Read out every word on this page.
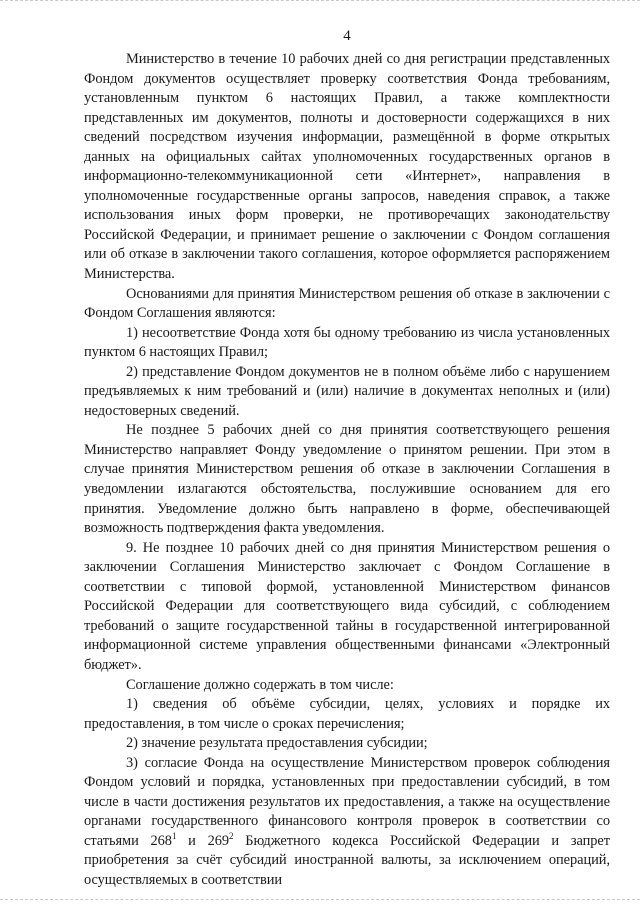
4

Министерство в течение 10 рабочих дней со дня регистрации представленных Фондом документов осуществляет проверку соответствия Фонда требованиям, установленным пунктом 6 настоящих Правил, а также комплектности представленных им документов, полноты и достоверности содержащихся в них сведений посредством изучения информации, размещённой в форме открытых данных на официальных сайтах уполномоченных государственных органов в информационно-телекоммуникационной сети «Интернет», направления в уполномоченные государственные органы запросов, наведения справок, а также использования иных форм проверки, не противоречащих законодательству Российской Федерации, и принимает решение о заключении с Фондом соглашения или об отказе в заключении такого соглашения, которое оформляется распоряжением Министерства.

Основаниями для принятия Министерством решения об отказе в заключении с Фондом Соглашения являются:

1) несоответствие Фонда хотя бы одному требованию из числа установленных пунктом 6 настоящих Правил;

2) представление Фондом документов не в полном объёме либо с нарушением предъявляемых к ним требований и (или) наличие в документах неполных и (или) недостоверных сведений.

Не позднее 5 рабочих дней со дня принятия соответствующего решения Министерство направляет Фонду уведомление о принятом решении. При этом в случае принятия Министерством решения об отказе в заключении Соглашения в уведомлении излагаются обстоятельства, послужившие основанием для его принятия. Уведомление должно быть направлено в форме, обеспечивающей возможность подтверждения факта уведомления.

9. Не позднее 10 рабочих дней со дня принятия Министерством решения о заключении Соглашения Министерство заключает с Фондом Соглашение в соответствии с типовой формой, установленной Министерством финансов Российской Федерации для соответствующего вида субсидий, с соблюдением требований о защите государственной тайны в государственной интегрированной информационной системе управления общественными финансами «Электронный бюджет».

Соглашение должно содержать в том числе:

1) сведения об объёме субсидии, целях, условиях и порядке их предоставления, в том числе о сроках перечисления;

2) значение результата предоставления субсидии;

3) согласие Фонда на осуществление Министерством проверок соблюдения Фондом условий и порядка, установленных при предоставлении субсидий, в том числе в части достижения результатов их предоставления, а также на осуществление органами государственного финансового контроля проверок в соответствии со статьями $268^1$ и $269^2$ Бюджетного кодекса Российской Федерации и запрет приобретения за счёт субсидий иностранной валюты, за исключением операций, осуществляемых в соответствии
